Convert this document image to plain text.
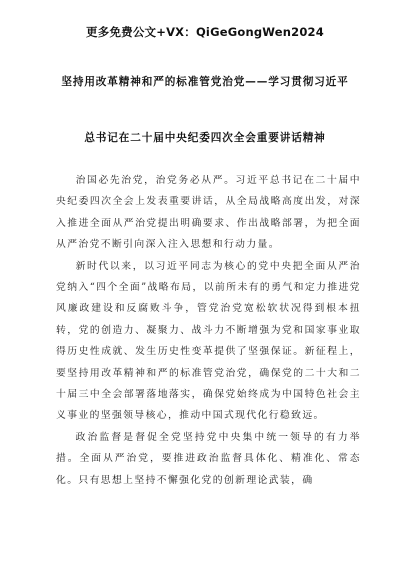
更多免费公文+VX：QiGeGongWen2024
坚持用改革精神和严的标准管党治党——学习贯彻习近平
总书记在二十届中央纪委四次全会重要讲话精神

治国必先治党，治党务必从严。习近平总书记在二十届中央纪委四次全会上发表重要讲话，从全局战略高度出发，对深入推进全面从严治党提出明确要求、作出战略部署，为把全面从严治党不断引向深入注入思想和行动力量。

新时代以来，以习近平同志为核心的党中央把全面从严治党纳入“四个全面”战略布局，以前所未有的勇气和定力推进党风廉政建设和反腐败斗争，管党治党宽松软状况得到根本扭转，党的创造力、凝聚力、战斗力不断增强为党和国家事业取得历史性成就、发生历史性变革提供了坚强保证。新征程上，要坚持用改革精神和严的标准管党治党，确保党的二十大和二十届三中全会部署落地落实，确保党始终成为中国特色社会主义事业的坚强领导核心，推动中国式现代化行稳致远。

政治监督是督促全党坚持党中央集中统一领导的有力举措。全面从严治党，要推进政治监督具体化、精准化、常态化。只有思想上坚持不懈强化党的创新理论武装，确
